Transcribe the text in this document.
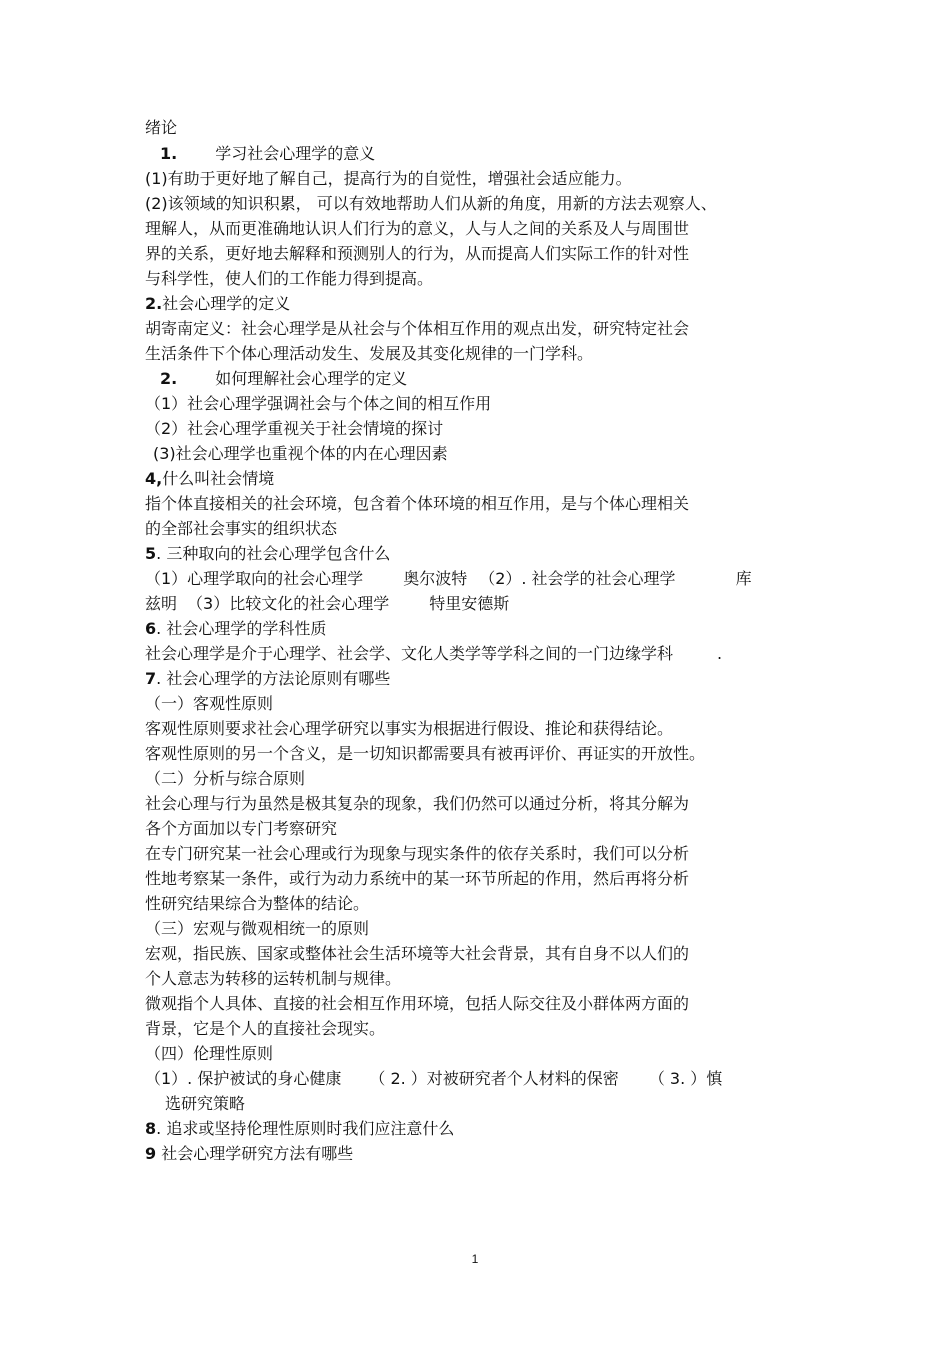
绪论
1. 学习社会心理学的意义
(1)有助于更好地了解自己，提高行为的自觉性，增强社会适应能力。
(2)该领域的知识积累， 可以有效地帮助人们从新的角度，用新的方法去观察人、
理解人，从而更准确地认识人们行为的意义，人与人之间的关系及人与周围世
界的关系，更好地去解释和预测别人的行为，从而提高人们实际工作的针对性
与科学性，使人们的工作能力得到提高。
2.社会心理学的定义
胡寄南定义：社会心理学是从社会与个体相互作用的观点出发，研究特定社会
生活条件下个体心理活动发生、发展及其变化规律的一门学科。
2. 如何理解社会心理学的定义
（1）社会心理学强调社会与个体之间的相互作用
（2）社会心理学重视关于社会情境的探讨
(3)社会心理学也重视个体的内在心理因素
4,什么叫社会情境
指个体直接相关的社会环境，包含着个体环境的相互作用，是与个体心理相关
的全部社会事实的组织状态
5. 三种取向的社会心理学包含什么
（1）心理学取向的社会心理学	奥尔波特 （2）. 社会学的社会心理学	库
兹明 （3）比较文化的社会心理学	特里安德斯
6. 社会心理学的学科性质
社会心理学是介于心理学、社会学、文化人类学等学科之间的一门边缘学科	.
7. 社会心理学的方法论原则有哪些
（一）客观性原则
客观性原则要求社会心理学研究以事实为根据进行假设、推论和获得结论。
客观性原则的另一个含义，是一切知识都需要具有被再评价、再证实的开放性。
（二）分析与综合原则
社会心理与行为虽然是极其复杂的现象，我们仍然可以通过分析，将其分解为
各个方面加以专门考察研究
在专门研究某一社会心理或行为现象与现实条件的依存关系时，我们可以分析
性地考察某一条件，或行为动力系统中的某一环节所起的作用，然后再将分析
性研究结果综合为整体的结论。
（三）宏观与微观相统一的原则
宏观，指民族、国家或整体社会生活环境等大社会背景，其有自身不以人们的
个人意志为转移的运转机制与规律。
微观指个人具体、直接的社会相互作用环境，包括人际交往及小群体两方面的
背景，它是个人的直接社会现实。
（四）伦理性原则
（1）. 保护被试的身心健康 （ 2. ）对被研究者个人材料的保密 （ 3. ）慎
选研究策略
8. 追求或坚持伦理性原则时我们应注意什么
9 社会心理学研究方法有哪些
1
